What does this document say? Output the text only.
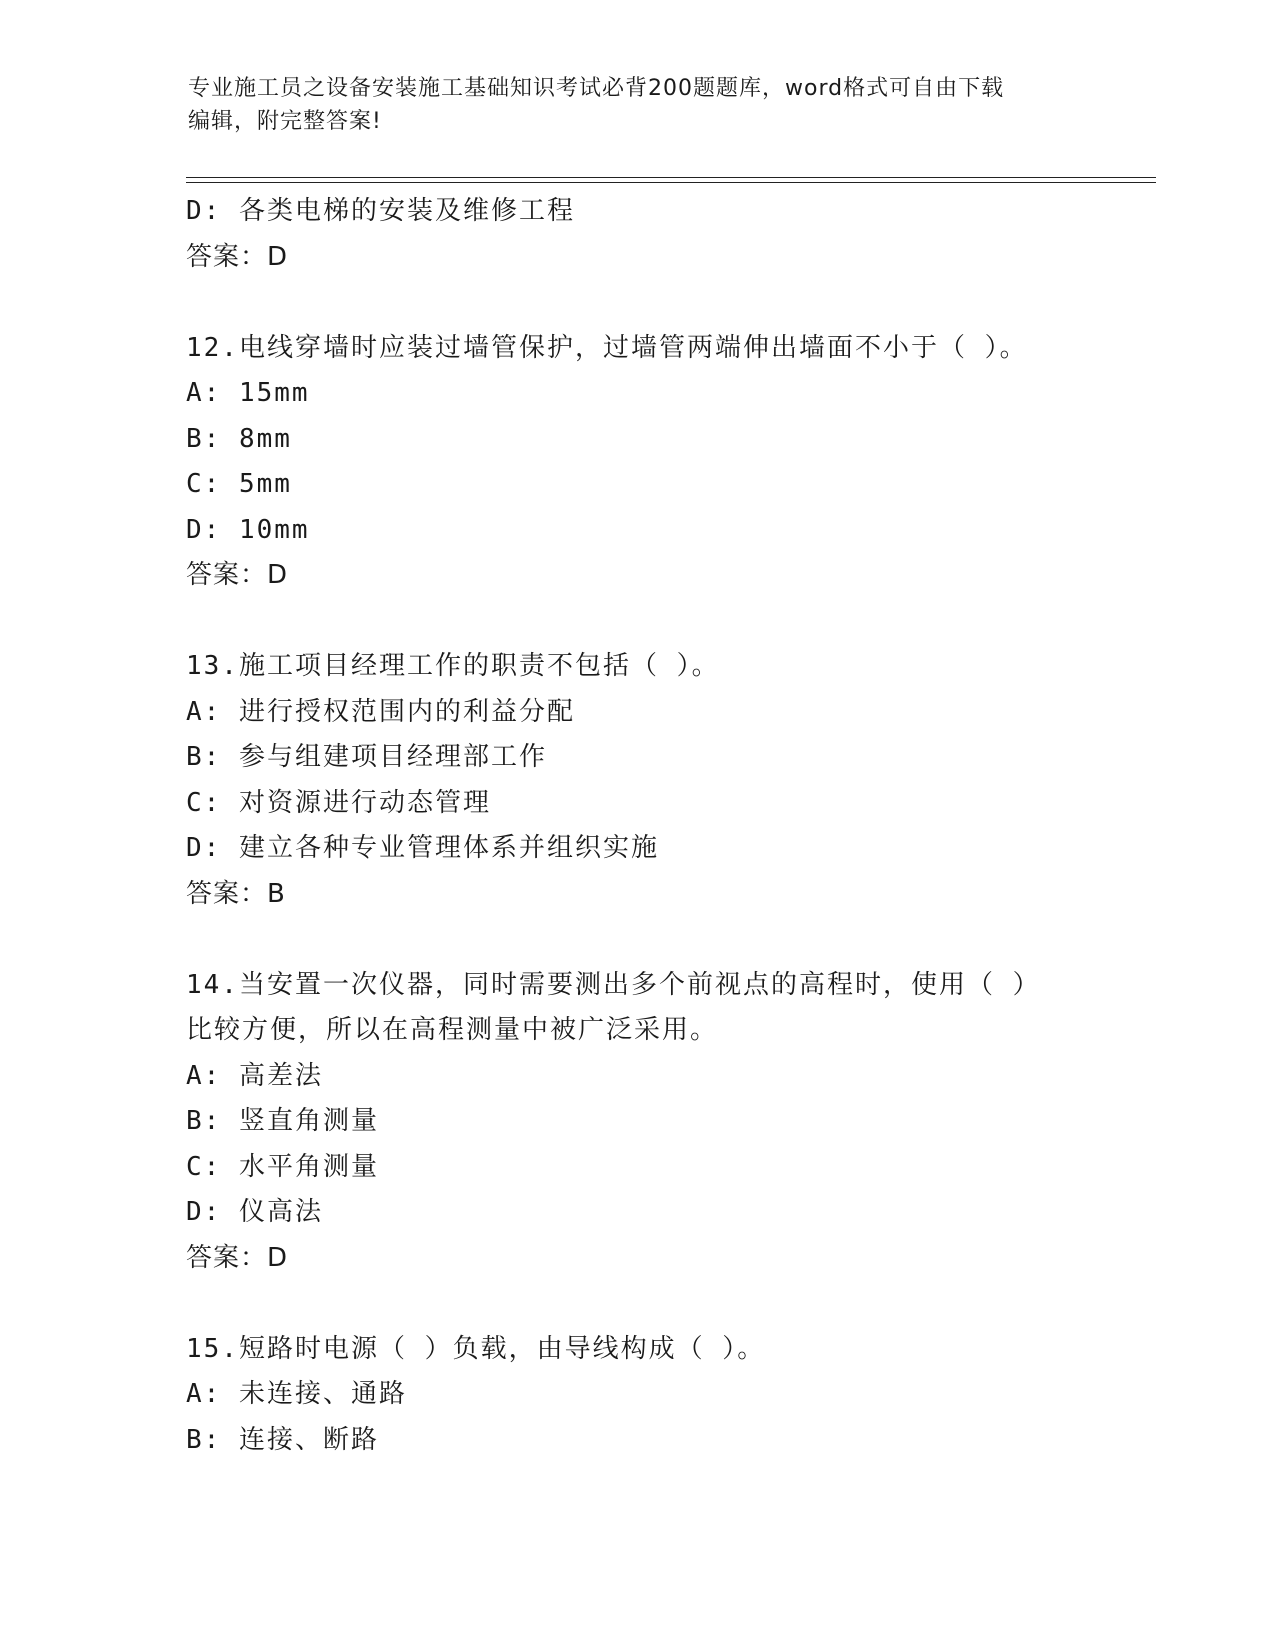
专业施工员之设备安装施工基础知识考试必背200题题库，word格式可自由下载
编辑，附完整答案!
D: 各类电梯的安装及维修工程
答案：D
12.电线穿墙时应装过墙管保护，过墙管两端伸出墙面不小于（ ）。
A: 15mm
B: 8mm
C: 5mm
D: 10mm
答案：D
13.施工项目经理工作的职责不包括（ ）。
A: 进行授权范围内的利益分配
B: 参与组建项目经理部工作
C: 对资源进行动态管理
D: 建立各种专业管理体系并组织实施
答案：B
14.当安置一次仪器，同时需要测出多个前视点的高程时，使用（ ）
比较方便，所以在高程测量中被广泛采用。
A: 高差法
B: 竖直角测量
C: 水平角测量
D: 仪高法
答案：D
15.短路时电源（ ）负载，由导线构成（ ）。
A: 未连接、通路
B: 连接、断路
